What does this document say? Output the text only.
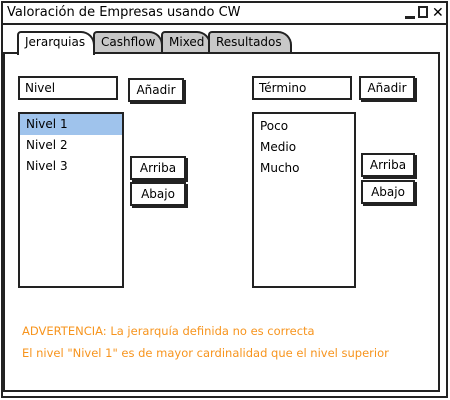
Valoración de Empresas usando CW	✕
Jerarquias	Cashflow	Mixed Resultados
Nivel	Añadir
Nivel 1
Nivel 2
Nivel 3	Arriba
Abajo
Término	Añadir
Poco
Medio
Mucho	Arriba
Abajo
ADVERTENCIA: La jerarquía definida no es correcta
El nivel "Nivel 1" es de mayor cardinalidad que el nivel superior
